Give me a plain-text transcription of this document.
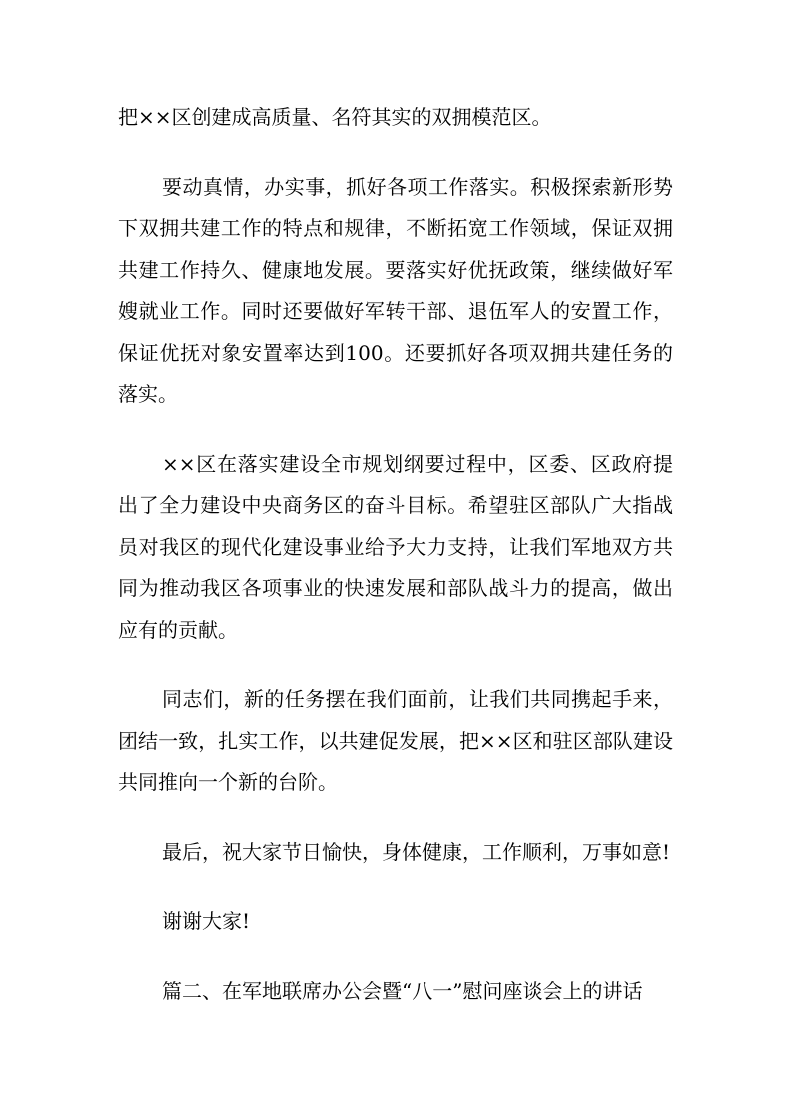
把××区创建成高质量、名符其实的双拥模范区。

要动真情，办实事，抓好各项工作落实。积极探索新形势下双拥共建工作的特点和规律，不断拓宽工作领域，保证双拥共建工作持久、健康地发展。要落实好优抚政策，继续做好军嫂就业工作。同时还要做好军转干部、退伍军人的安置工作，保证优抚对象安置率达到100。还要抓好各项双拥共建任务的落实。

××区在落实建设全市规划纲要过程中，区委、区政府提出了全力建设中央商务区的奋斗目标。希望驻区部队广大指战员对我区的现代化建设事业给予大力支持，让我们军地双方共同为推动我区各项事业的快速发展和部队战斗力的提高，做出应有的贡献。

同志们，新的任务摆在我们面前，让我们共同携起手来，团结一致，扎实工作，以共建促发展，把××区和驻区部队建设共同推向一个新的台阶。

最后，祝大家节日愉快，身体健康，工作顺利，万事如意!

谢谢大家!

篇二、在军地联席办公会暨“八一”慰问座谈会上的讲话
